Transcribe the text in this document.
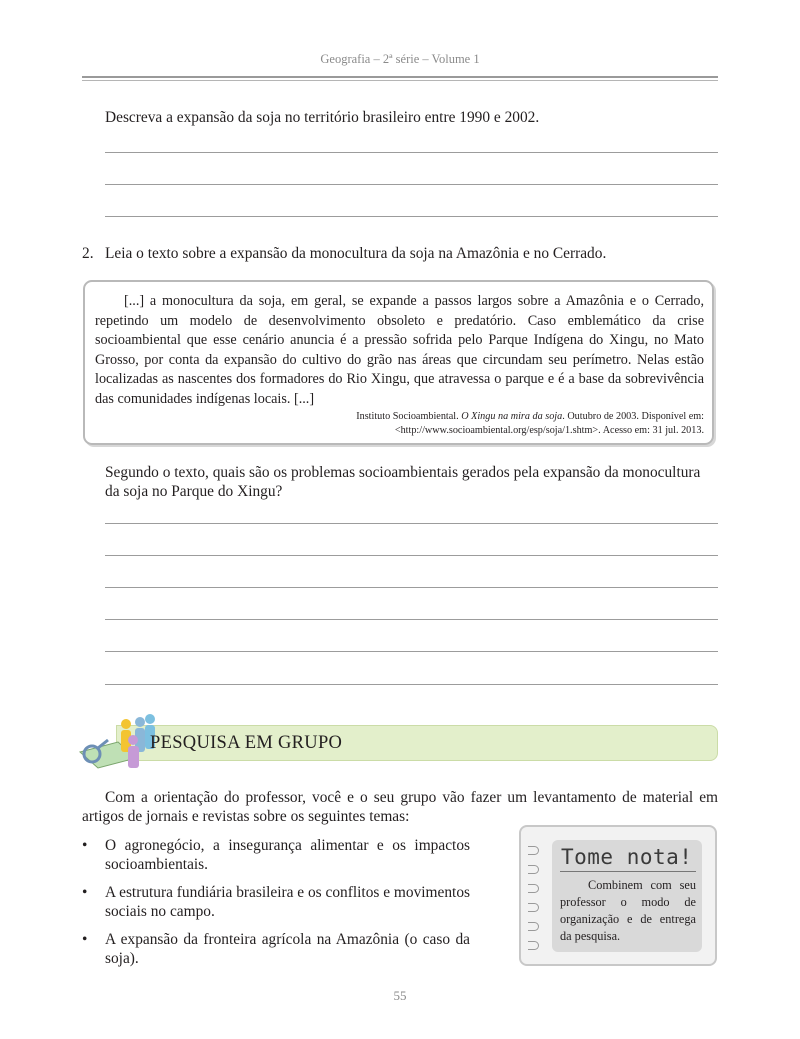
Geografia – 2ª série – Volume 1
Descreva a expansão da soja no território brasileiro entre 1990 e 2002.
2. Leia o texto sobre a expansão da monocultura da soja na Amazônia e no Cerrado.
[...] a monocultura da soja, em geral, se expande a passos largos sobre a Amazônia e o Cerrado, repetindo um modelo de desenvolvimento obsoleto e predatório. Caso emblemático da crise socioambiental que esse cenário anuncia é a pressão sofrida pelo Parque Indígena do Xingu, no Mato Grosso, por conta da expansão do cultivo do grão nas áreas que circundam seu perímetro. Nelas estão localizadas as nascentes dos formadores do Rio Xingu, que atravessa o parque e é a base da sobrevivência das comunidades indígenas locais. [...]
Instituto Socioambiental. O Xingu na mira da soja. Outubro de 2003. Disponível em:
<http://www.socioambiental.org/esp/soja/1.shtm>. Acesso em: 31 jul. 2013.
Segundo o texto, quais são os problemas socioambientais gerados pela expansão da monocultura da soja no Parque do Xingu?
PESQUISA EM GRUPO
Com a orientação do professor, você e o seu grupo vão fazer um levantamento de material em artigos de jornais e revistas sobre os seguintes temas:
• O agronegócio, a insegurança alimentar e os impactos socioambientais.
• A estrutura fundiária brasileira e os conflitos e movimentos sociais no campo.
• A expansão da fronteira agrícola na Amazônia (o caso da soja).
Tome nota!
Combinem com seu professor o modo de organização e de entrega da pesquisa.
55
